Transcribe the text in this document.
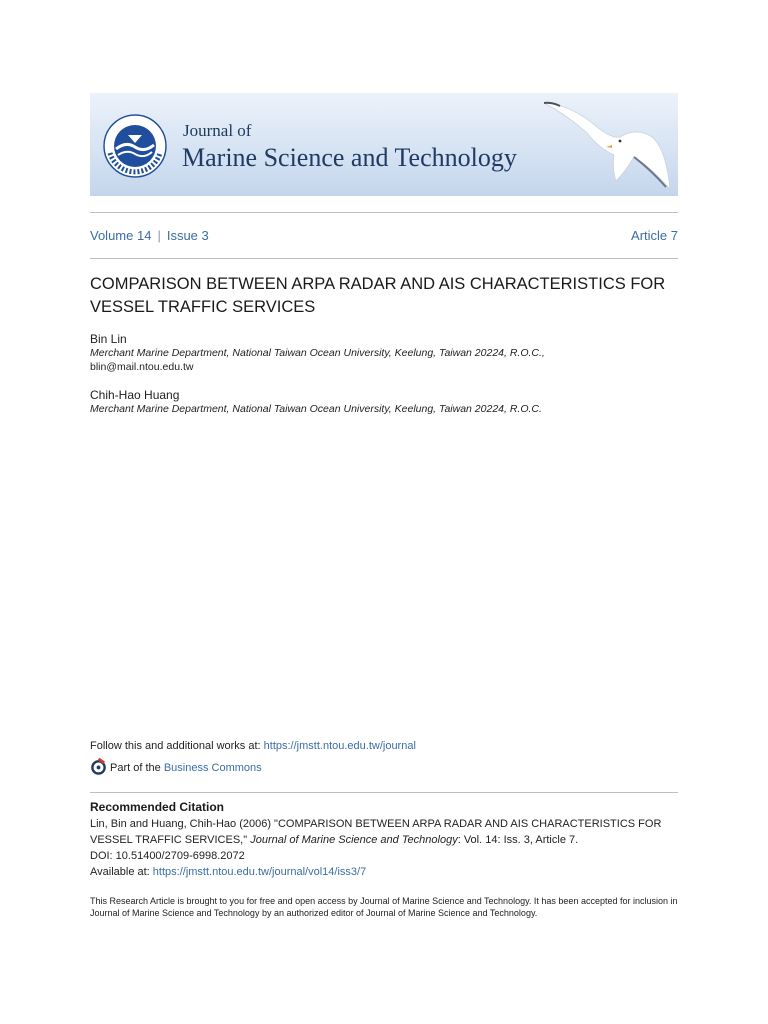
Journal of
Marine Science and Technology
Volume 14 | Issue 3	Article 7
COMPARISON BETWEEN ARPA RADAR AND AIS CHARACTERISTICS FOR VESSEL TRAFFIC SERVICES
Bin Lin
Merchant Marine Department, National Taiwan Ocean University, Keelung, Taiwan 20224, R.O.C.,
blin@mail.ntou.edu.tw
Chih-Hao Huang
Merchant Marine Department, National Taiwan Ocean University, Keelung, Taiwan 20224, R.O.C.
Follow this and additional works at: https://jmstt.ntou.edu.tw/journal
Part of the Business Commons
Recommended Citation
Lin, Bin and Huang, Chih-Hao (2006) "COMPARISON BETWEEN ARPA RADAR AND AIS CHARACTERISTICS FOR VESSEL TRAFFIC SERVICES," Journal of Marine Science and Technology: Vol. 14: Iss. 3, Article 7.
DOI: 10.51400/2709-6998.2072
Available at: https://jmstt.ntou.edu.tw/journal/vol14/iss3/7
This Research Article is brought to you for free and open access by Journal of Marine Science and Technology. It has been accepted for inclusion in Journal of Marine Science and Technology by an authorized editor of Journal of Marine Science and Technology.
